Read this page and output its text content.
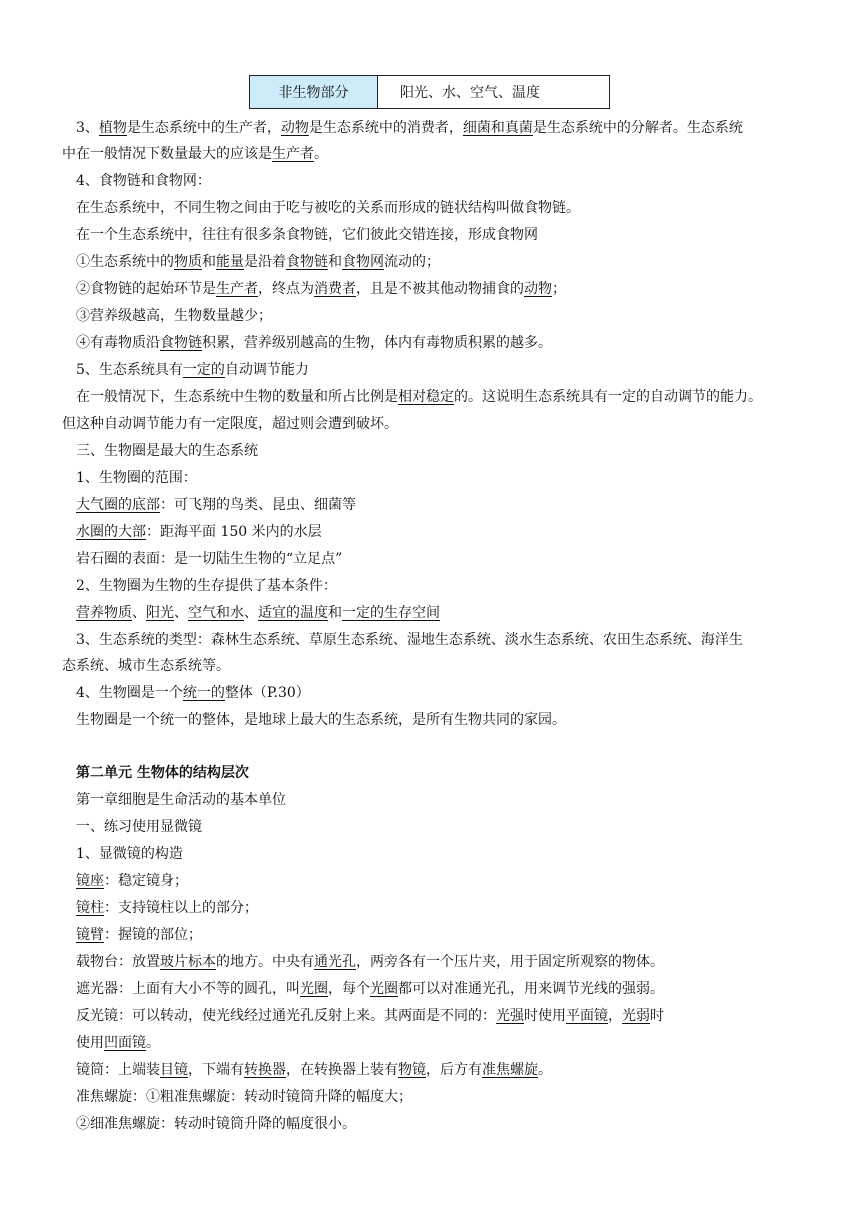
非生物部分	阳光、水、空气、温度
3、植物是生态系统中的生产者，动物是生态系统中的消费者，细菌和真菌是生态系统中的分解者。生态系统
中在一般情况下数量最大的应该是生产者。
4、食物链和食物网：
在生态系统中，不同生物之间由于吃与被吃的关系而形成的链状结构叫做食物链。
在一个生态系统中，往往有很多条食物链，它们彼此交错连接，形成食物网
①生态系统中的物质和能量是沿着食物链和食物网流动的；
②食物链的起始环节是生产者，终点为消费者，且是不被其他动物捕食的动物；
③营养级越高，生物数量越少；
④有毒物质沿食物链积累，营养级别越高的生物，体内有毒物质积累的越多。
5、生态系统具有一定的自动调节能力
在一般情况下，生态系统中生物的数量和所占比例是相对稳定的。这说明生态系统具有一定的自动调节的能力。
但这种自动调节能力有一定限度，超过则会遭到破坏。
三、生物圈是最大的生态系统
1、生物圈的范围：
大气圈的底部：可飞翔的鸟类、昆虫、细菌等
水圈的大部：距海平面 150 米内的水层
岩石圈的表面：是一切陆生生物的“立足点”
2、生物圈为生物的生存提供了基本条件：
营养物质、阳光、空气和水、适宜的温度和一定的生存空间
3、生态系统的类型：森林生态系统、草原生态系统、湿地生态系统、淡水生态系统、农田生态系统、海洋生
态系统、城市生态系统等。
4、生物圈是一个统一的整体（P.30）
生物圈是一个统一的整体，是地球上最大的生态系统，是所有生物共同的家园。
第二单元 生物体的结构层次
第一章细胞是生命活动的基本单位
一、练习使用显微镜
1、显微镜的构造
镜座：稳定镜身；
镜柱：支持镜柱以上的部分；
镜臂：握镜的部位；
载物台：放置玻片标本的地方。中央有通光孔，两旁各有一个压片夹，用于固定所观察的物体。
遮光器：上面有大小不等的圆孔，叫光圈，每个光圈都可以对准通光孔，用来调节光线的强弱。
反光镜：可以转动，使光线经过通光孔反射上来。其两面是不同的：光强时使用平面镜，光弱时
使用凹面镜。
镜筒：上端装目镜，下端有转换器，在转换器上装有物镜，后方有准焦螺旋。
准焦螺旋：①粗准焦螺旋：转动时镜筒升降的幅度大；
②细准焦螺旋：转动时镜筒升降的幅度很小。
